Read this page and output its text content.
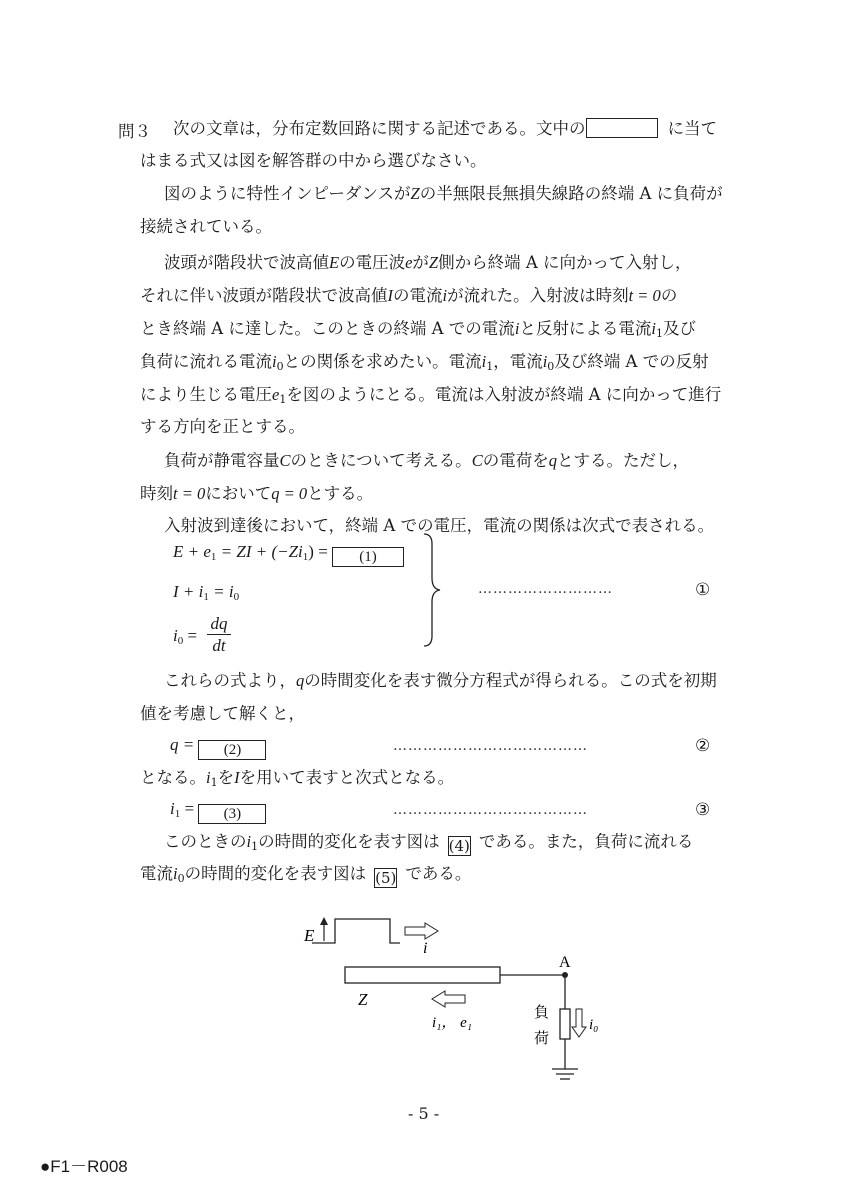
問３ 次の文章は，分布定数回路に関する記述である。文中の	に当て
はまる式又は図を解答群の中から選びなさい。
図のように特性インピーダンスがZの半無限長無損失線路の終端 A に負荷が
接続されている。
波頭が階段状で波高値Eの電圧波eがZ側から終端 A に向かって入射し，
それに伴い波頭が階段状で波高値Iの電流iが流れた。入射波は時刻t = 0の
とき終端 A に達した。このときの終端 A での電流iと反射による電流$i_1$及び
負荷に流れる電流$i_0$との関係を求めたい。電流$i_1$，電流$i_0$及び終端 A での反射
により生じる電圧$e_1$を図のようにとる。電流は入射波が終端 A に向かって進行
する方向を正とする。
負荷が静電容量Cのときについて考える。Cの電荷をqとする。ただし，
時刻t = 0においてq = 0とする。
入射波到達後において，終端 A での電圧，電流の関係は次式で表される。
$E + e_1$ = ZI + $(-Zi_1) = (1)$
$I + i_1 = i_0$
$i_0$ =
dq
dt
………………………	①
これらの式より，qの時間変化を表す微分方程式が得られる。この式を初期
値を考慮して解くと，
q = (2)	…………………………………	②
となる。$i_1$をIを用いて表すと次式となる。
$i_1 = (3)$	…………………………………	③
このときの$i_1$の時間的変化を表す図は (4) である。また，負荷に流れる
電流$i_0$の時間的変化を表す図は (5) である。
E
i
A
Z
i₁， e₁
負
荷
i₀
- 5 -
●F1－R008
